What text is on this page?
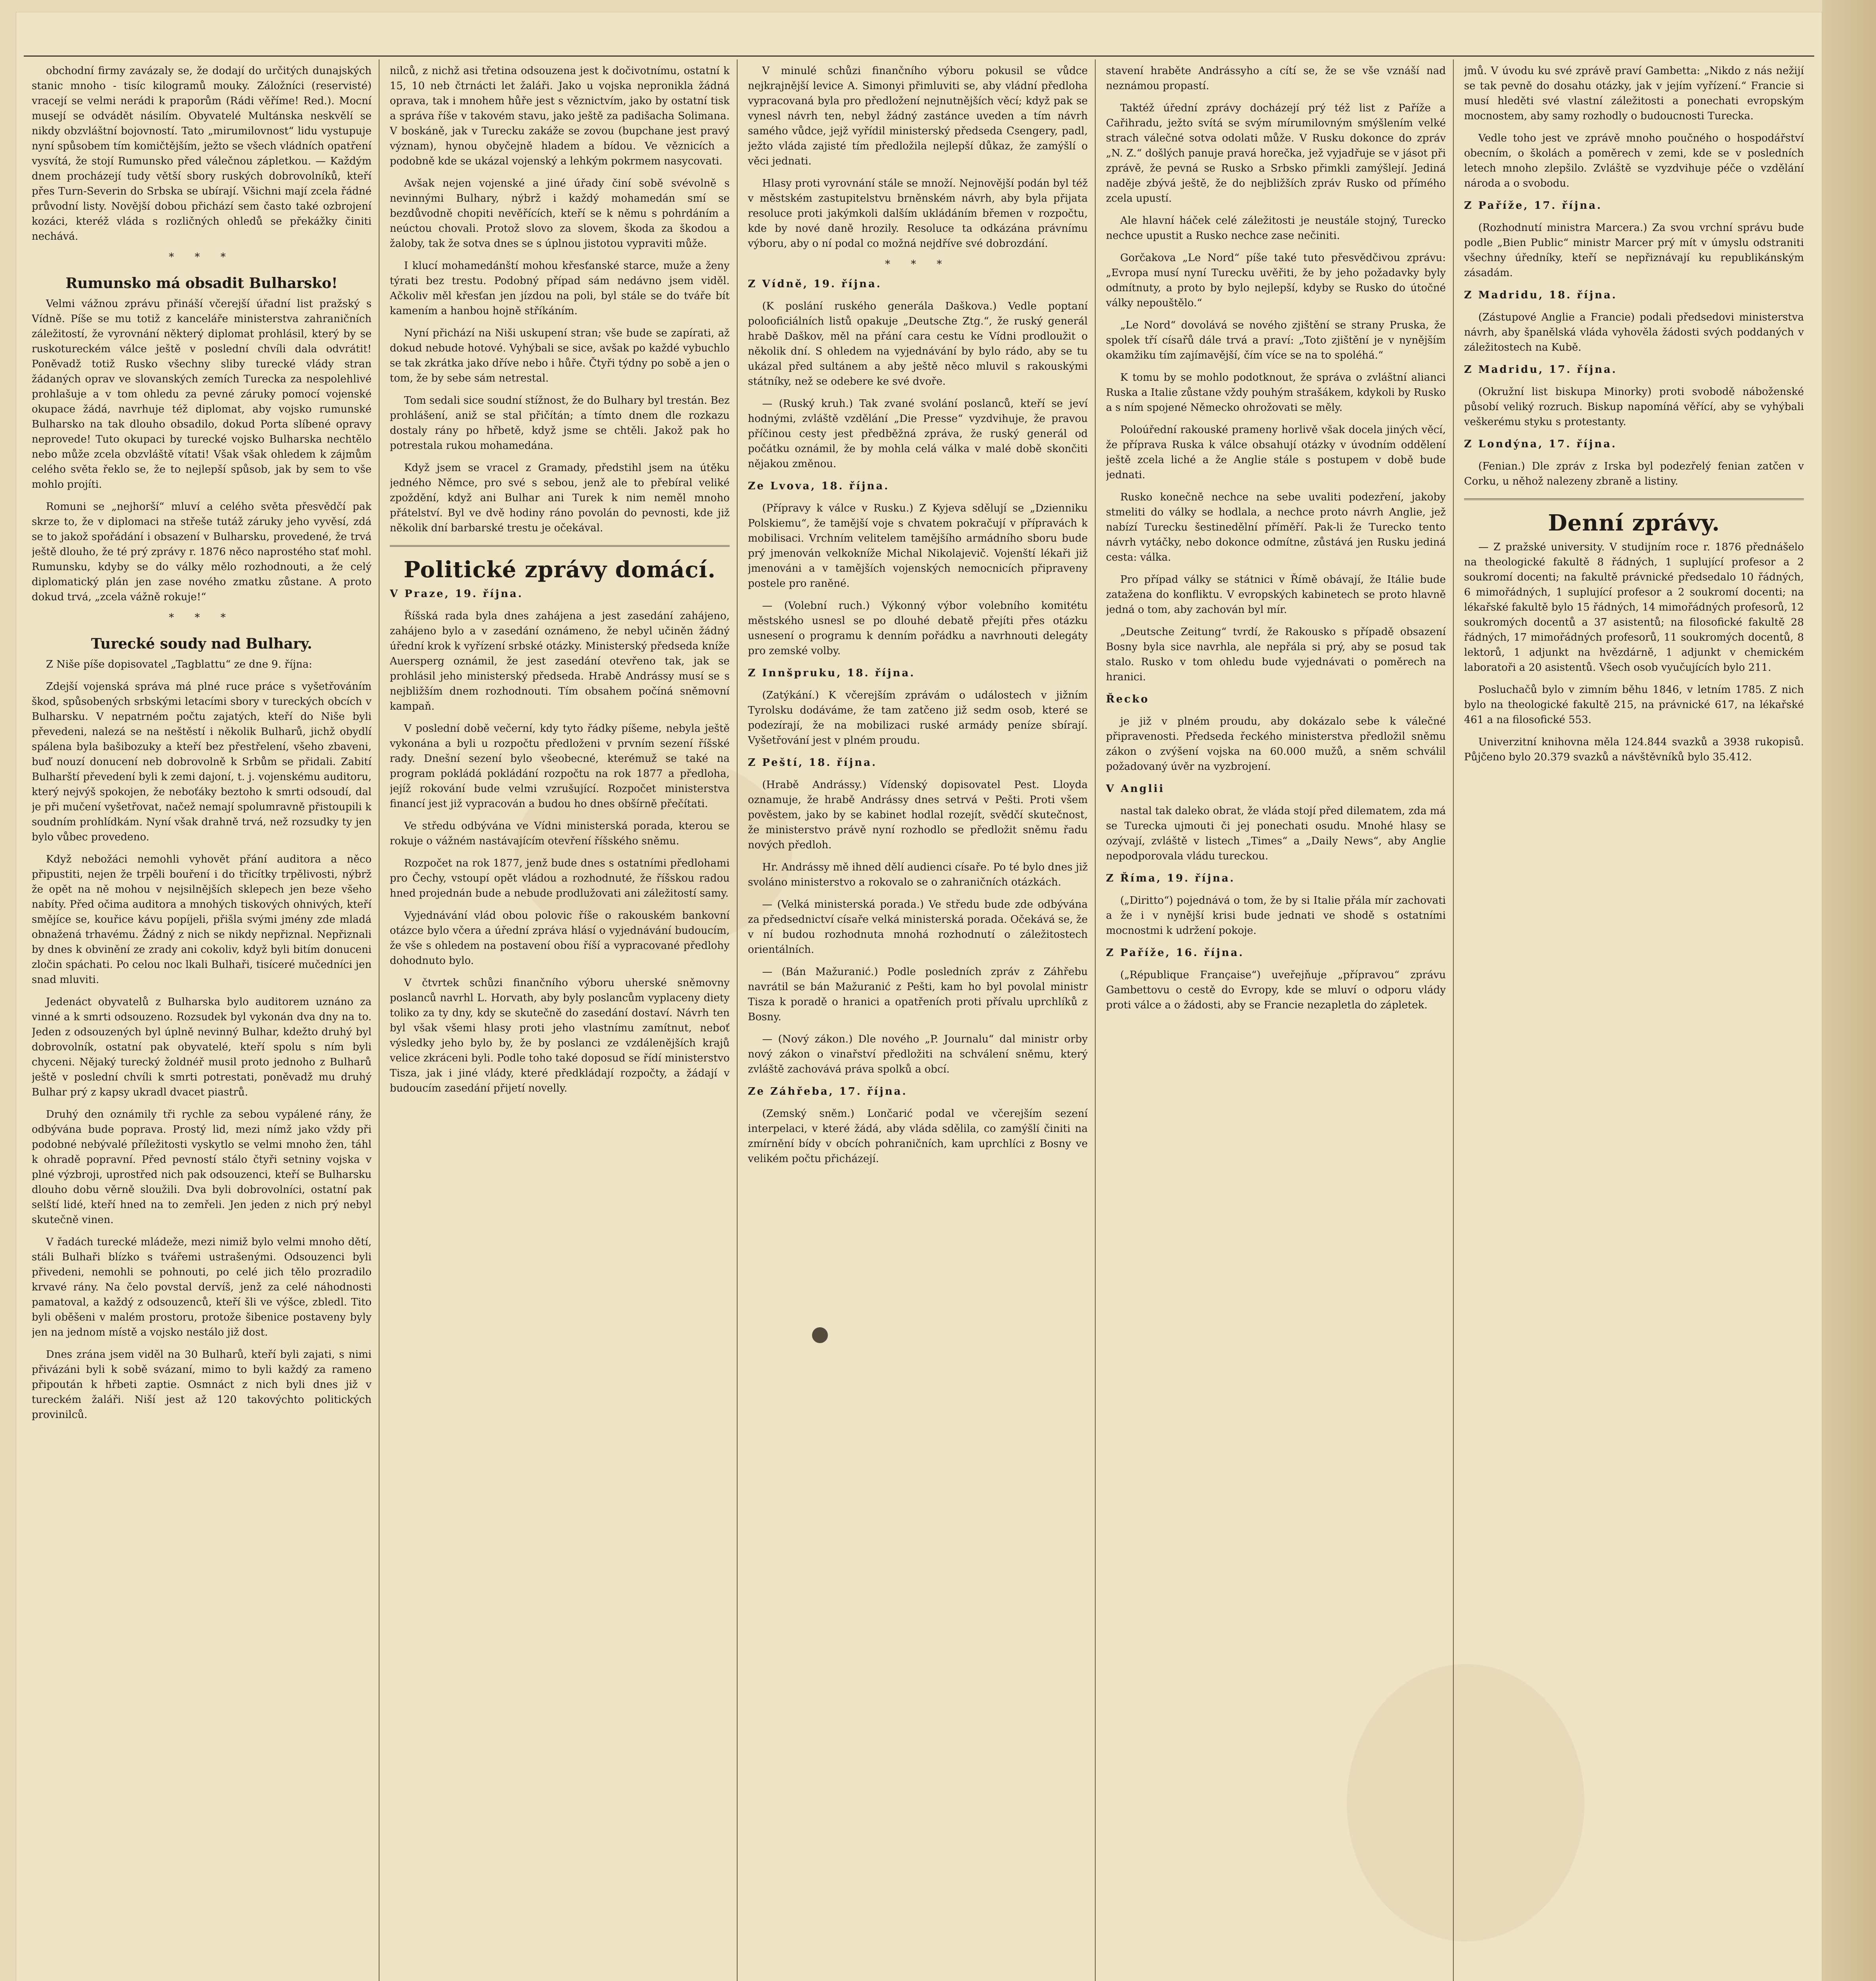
obchodní firmy zavázaly se, že dodají do určitých dunajských stanic mnoho - tisíc kilogramů mouky. Záložníci (reservisté) vracejí se velmi nerádi k praporům (Rádi věříme! Red.). Mocní musejí se odvádět násilím. Obyvatelé Multánska neskvělí se nikdy obzvláštní bojovností. Tato „mirumilovnost“ lidu vystupuje nyní spůsobem tím komičtějším, ježto se všech vládních opatření vysvítá, že stojí Rumunsko před válečnou zápletkou. — Každým dnem procházejí tudy větší sbory ruských dobrovolníků, kteří přes Turn-Severin do Srbska se ubírají. Všichni mají zcela řádné průvodní listy. Novější dobou přichází sem často také ozbrojení kozáci, kteréž vláda s rozličných ohledů se překážky činiti nechává.

* * *
Rumunsko má obsadit Bulharsko!

Velmi vážnou zprávu přináší včerejší úřadní list pražský s Vídně. Píše se mu totiž z kanceláře ministerstva zahraničních záležitostí, že vyrovnání některý diplomat prohlásil, který by se ruskotureckém válce ještě v poslední chvíli dala odvrátit! Poněvadž totiž Rusko všechny sliby turecké vlády stran žádaných oprav ve slovanských zemích Turecka za nespolehlivé prohlašuje a v tom ohledu za pevné záruky pomocí vojenské okupace žádá, navrhuje též diplomat, aby vojsko rumunské Bulharsko na tak dlouho obsadilo, dokud Porta slíbené opravy neprovede! Tuto okupaci by turecké vojsko Bulharska nechtělo nebo může zcela obzvláště vítati! Však však ohledem k zájmům celého světa řeklo se, že to nejlepší spůsob, jak by sem to vše mohlo projíti.

Romuni se „nejhorší“ mluví a celého světa přesvědčí pak skrze to, že v diplomaci na střeše tutáž záruky jeho vyvěsí, zdá se to jakož spořádání i obsazení v Bulharsku, provedené, že trvá ještě dlouho, že té prý zprávy r. 1876 něco naprostého stať mohl. Rumunsku, kdyby se do války mělo rozhodnouti, a že celý diplomatický plán jen zase nového zmatku zůstane. A proto dokud trvá, „zcela vážně rokuje!“

* * *
Turecké soudy nad Bulhary.

Z Niše píše dopisovatel „Tagblattu“ ze dne 9. října:

Zdejší vojenská správa má plné ruce práce s vyšetřováním škod, spůsobených srbskými letacími sbory v tureckých obcích v Bulharsku. V nepatrném počtu zajatých, kteří do Niše byli převedeni, nalezá se na neštěstí i několik Bulharů, jichž obydlí spálena byla bašibozuky a kteří bez přestřelení, všeho zbaveni, buď nouzí donucení neb dobrovolně k Srbům se přidali. Zabití Bulharští převedení byli k zemi dajoní, t. j. vojenskému auditoru, který nejvýš spokojen, že neboťáky beztoho k smrti odsoudí, dal je při mučení vyšetřovat, načež nemají spolumravně přistoupili k soudním prohlídkám. Nyní však drahně trvá, než rozsudky ty jen bylo vůbec provedeno.

Když nebožáci nemohli vyhovět přání auditora a něco připustiti, nejen že trpěli bouření i do třicítky trpělivosti, nýbrž že opět na ně mohou v nejsilnějších sklepech jen beze všeho nabíty. Před očima auditora a mnohých tiskových ohnivých, kteří smějíce se, kouřice kávu popíjeli, přišla svými jmény zde mladá obnažená trhavému. Žádný z nich se nikdy nepřiznal. Nepřiznali by dnes k obvinění ze zrady ani cokoliv, když byli bitím donuceni zločin spáchati. Po celou noc lkali Bulhaři, tisíceré mučedníci jen snad mluviti.

Jedenáct obyvatelů z Bulharska bylo auditorem uznáno za vinné a k smrti odsouzeno. Rozsudek byl vykonán dva dny na to. Jeden z odsouzených byl úplně nevinný Bulhar, kdežto druhý byl dobrovolník, ostatní pak obyvatelé, kteří spolu s ním byli chyceni. Nějaký turecký žoldnéř musil proto jednoho z Bulharů ještě v poslední chvíli k smrti potrestati, poněvadž mu druhý Bulhar prý z kapsy ukradl dvacet piastrů.

Druhý den oznámily tři rychle za sebou vypálené rány, že odbývána bude poprava. Prostý lid, mezi nímž jako vždy při podobné nebývalé příležitosti vyskytlo se velmi mnoho žen, táhl k ohradě popravní. Před pevností stálo čtyři setniny vojska v plné výzbroji, uprostřed nich pak odsouzenci, kteří se Bulharsku dlouho dobu věrně sloužili. Dva byli dobrovolníci, ostatní pak selští lidé, kteří hned na to zemřeli. Jen jeden z nich prý nebyl skutečně vinen.

V řadách turecké mládeže, mezi nimiž bylo velmi mnoho dětí, stáli Bulhaři blízko s tvářemi ustrašenými. Odsouzenci byli přivedeni, nemohli se pohnouti, po celé jich tělo prozradilo krvavé rány. Na čelo povstal dervíš, jenž za celé náhodnosti pamatoval, a každý z odsouzenců, kteří šli ve výšce, zbledl. Tito byli oběšeni v malém prostoru, protože šibenice postaveny byly jen na jednom místě a vojsko nestálo již dost.

Dnes zrána jsem viděl na 30 Bulharů, kteří byli zajati, s nimi přivázáni byli k sobě svázaní, mimo to byli každý za rameno připoután k hřbeti zaptie. Osmnáct z nich byli dnes již v tureckém žaláři. Niší jest až 120 takovýchto politických provinilců.

nilců, z nichž asi třetina odsouzena jest k dočivotnímu, ostatní k 15, 10 neb čtrnácti let žaláři. Jako u vojska nepronikla žádná oprava, tak i mnohem hůře jest s věznictvím, jako by ostatní tisk a správa říše v takovém stavu, jako ještě za padišacha Solimana. V boskáně, jak v Turecku zakáže se zovou (bupchane jest pravý význam), hynou obyčejně hladem a bídou. Ve věznicích a podobně kde se ukázal vojenský a lehkým pokrmem nasycovati.

Avšak nejen vojenské a jiné úřady činí sobě svévolně s nevinnými Bulhary, nýbrž i každý mohamedán smí se bezdůvodně chopiti nevěřících, kteří se k němu s pohrdáním a neúctou chovali. Protož slovo za slovem, škoda za škodou a žaloby, tak že sotva dnes se s úplnou jistotou vypraviti může.

I klucí mohamedánští mohou křesťanské starce, muže a ženy týrati bez trestu. Podobný případ sám nedávno jsem viděl. Ačkoliv měl křesťan jen jízdou na poli, byl stále se do tváře bít kamením a hanbou hojně stříkáním.

Nyní přichází na Niši uskupení stran; vše bude se zapírati, až dokud nebude hotové. Vyhýbali se sice, avšak po každé vybuchlo se tak zkrátka jako dříve nebo i hůře. Čtyři týdny po sobě a jen o tom, že by sebe sám netrestal.

Tom sedali sice soudní stížnost, že do Bulhary byl trestán. Bez prohlášení, aniž se stal přičítán; a tímto dnem dle rozkazu dostaly rány po hřbetě, když jsme se chtěli. Jakož pak ho potrestala rukou mohamedána.

Když jsem se vracel z Gramady, předstihl jsem na útěku jedného Němce, pro své s sebou, jenž ale to přebíral veliké zpoždění, když ani Bulhar ani Turek k nim neměl mnoho přátelství. Byl ve dvě hodiny ráno povolán do pevnosti, kde již několik dní barbarské trestu je očekával.

Politické zprávy domácí.

V Praze, 19. října.

Říšská rada byla dnes zahájena a jest zasedání zahájeno, zahájeno bylo a v zasedání oznámeno, že nebyl učiněn žádný úřední krok k vyřízení srbské otázky. Ministerský předseda kníže Auersperg oznámil, že jest zasedání otevřeno tak, jak se prohlásil jeho ministerský předseda. Hrabě Andrássy musí se s nejbližším dnem rozhodnouti. Tím obsahem počíná sněmovní kampaň.

V poslední době večerní, kdy tyto řádky píšeme, nebyla ještě vykonána a byli u rozpočtu předloženi v prvním sezení říšské rady. Dnešní sezení bylo všeobecné, kterémuž se také na program pokládá pokládání rozpočtu na rok 1877 a předloha, jejíž rokování bude velmi vzrušující. Rozpočet ministerstva financí jest již vypracován a budou ho dnes obšírně přečítati.

Ve středu odbývána ve Vídni ministerská porada, kterou se rokuje o vážném nastávajícím otevření říšského sněmu.

Rozpočet na rok 1877, jenž bude dnes s ostatními předlohami pro Čechy, vstoupí opět vládou a rozhodnuté, že říšskou radou hned projednán bude a nebude prodlužovati ani záležitostí samy.

Vyjednávání vlád obou polovic říše o rakouském bankovní otázce bylo včera a úřední zpráva hlásí o vyjednávání budoucím, že vše s ohledem na postavení obou říší a vypracované předlohy dohodnuto bylo.

V čtvrtek schůzi finančního výboru uherské sněmovny poslanců navrhl L. Horvath, aby byly poslancům vyplaceny diety toliko za ty dny, kdy se skutečně do zasedání dostaví. Návrh ten byl však všemi hlasy proti jeho vlastnímu zamítnut, neboť výsledky jeho bylo by, že by poslanci ze vzdálenějších krajů velice zkráceni byli. Podle toho také doposud se řídí ministerstvo Tisza, jak i jiné vlády, které předkládají rozpočty, a žádají v budoucím zasedání přijetí novelly.

V minulé schůzi finančního výboru pokusil se vůdce nejkrajnější levice A. Simonyi přimluviti se, aby vládní předloha vypracovaná byla pro předložení nejnutnějších věcí; když pak se vynesl návrh ten, nebyl žádný zastánce uveden a tím návrh samého vůdce, jejž vyřídil ministerský předseda Csengery, padl, ježto vláda zajisté tím předložila nejlepší důkaz, že zamýšlí o věci jednati.

Hlasy proti vyrovnání stále se množí. Nejnovější podán byl též v městském zastupitelstvu brněnském návrh, aby byla přijata resoluce proti jakýmkoli dalším ukládáním břemen v rozpočtu, kde by nové daně hrozily. Resoluce ta odkázána právnímu výboru, aby o ní podal co možná nejdříve své dobrozdání.

* * *

Z Vídně, 19. října.

(K poslání ruského generála Daškova.) Vedle poptaní polooficiálních listů opakuje „Deutsche Ztg.“, že ruský generál hrabě Daškov, měl na přání cara cestu ke Vídni prodloužit o několik dní. S ohledem na vyjednávání by bylo rádo, aby se tu ukázal před sultánem a aby ještě něco mluvil s rakouskými státníky, než se odebere ke své dvoře.

— (Ruský kruh.) Tak zvané svolání poslanců, kteří se jeví hodnými, zvláště vzdělání „Die Presse“ vyzdvihuje, že pravou příčinou cesty jest předběžná zpráva, že ruský generál od počátku oznámil, že by mohla celá válka v malé době skončiti nějakou změnou.

Ze Lvova, 18. října.

(Přípravy k válce v Rusku.) Z Kyjeva sdělují se „Dzienniku Polskiemu“, že tamější voje s chvatem pokračují v přípravách k mobilisaci. Vrchním velitelem tamějšího armádního sboru bude prý jmenován velkokníže Michal Nikolajevič. Vojenští lékaři již jmenováni a v tamějších vojenských nemocnicích připraveny postele pro raněné.

— (Volební ruch.) Výkonný výbor volebního komitétu městského usnesl se po dlouhé debatě přejíti přes otázku usnesení o programu k denním pořádku a navrhnouti delegáty pro zemské volby.

Z Innšpruku, 18. října.

(Zatýkání.) K včerejším zprávám o událostech v jižním Tyrolsku dodáváme, že tam zatčeno již sedm osob, které se podezírají, že na mobilizaci ruské armády peníze sbírají. Vyšetřování jest v plném proudu.

Z Peští, 18. října.

(Hrabě Andrássy.) Vídenský dopisovatel Pest. Lloyda oznamuje, že hrabě Andrássy dnes setrvá v Pešti. Proti všem pověstem, jako by se kabinet hodlal rozejít, svědčí skutečnost, že ministerstvo právě nyní rozhodlo se předložit sněmu řadu nových předloh.

Hr. Andrássy mě ihned dělí audienci císaře. Po té bylo dnes již svoláno ministerstvo a rokovalo se o zahraničních otázkách.

— (Velká ministerská porada.) Ve středu bude zde odbývána za předsednictví císaře velká ministerská porada. Očekává se, že v ní budou rozhodnuta mnohá rozhodnutí o záležitostech orientálních.

— (Bán Mažuranić.) Podle posledních zpráv z Záhřebu navrátil se bán Mažuranić z Pešti, kam ho byl povolal ministr Tisza k poradě o hranici a opatřeních proti přívalu uprchlíků z Bosny.

— (Nový zákon.) Dle nového „P. Journalu“ dal ministr orby nový zákon o vinařství předložiti na schválení sněmu, který zvláště zachovává práva spolků a obcí.

Ze Záhřeba, 17. října.

(Zemský sněm.) Lončarić podal ve včerejším sezení interpelaci, v které žádá, aby vláda sdělila, co zamýšlí činiti na zmírnění bídy v obcích pohraničních, kam uprchlíci z Bosny ve velikém počtu přicházejí.

stavení hraběte Andrássyho a cítí se, že se vše vznáší nad neznámou propastí.

Taktéž úřední zprávy docházejí prý též list z Paříže a Cařihradu, ježto svítá se svým mírumilovným smýšlením velké strach válečné sotva odolati může. V Rusku dokonce do zpráv „N. Z.“ došlých panuje pravá horečka, jež vyjadřuje se v jásot při zprávě, že pevná se Rusko a Srbsko přimkli zamýšlejí. Jediná naděje zbývá ještě, že do nejbližších zpráv Rusko od přímého zcela upustí.

Ale hlavní háček celé záležitosti je neustále stojný, Turecko nechce upustit a Rusko nechce zase nečiniti.

Gorčakova „Le Nord“ píše také tuto přesvědčivou zprávu: „Evropa musí nyní Turecku uvěřiti, že by jeho požadavky byly odmítnuty, a proto by bylo nejlepší, kdyby se Rusko do útočné války nepouštělo.“

„Le Nord“ dovolává se nového zjištění se strany Pruska, že spolek tří císařů dále trvá a praví: „Toto zjištění je v nynějším okamžiku tím zajímavější, čím více se na to spoléhá.“

K tomu by se mohlo podotknout, že správa o zvláštní alianci Ruska a Italie zůstane vždy pouhým strašákem, kdykoli by Rusko a s ním spojené Německo ohrožovati se měly.

Poloúřední rakouské prameny horlivě však docela jiných věcí, že příprava Ruska k válce obsahují otázky v úvodním oddělení ještě zcela liché a že Anglie stále s postupem v době bude jednati.

Rusko konečně nechce na sebe uvaliti podezření, jakoby stmeliti do války se hodlala, a nechce proto návrh Anglie, jež nabízí Turecku šestinedělní příměří. Pak-li že Turecko tento návrh vytáčky, nebo dokonce odmítne, zůstává jen Rusku jediná cesta: válka.

Pro případ války se státnici v Římě obávají, že Itálie bude zatažena do konfliktu. V evropských kabinetech se proto hlavně jedná o tom, aby zachován byl mír.

„Deutsche Zeitung“ tvrdí, že Rakousko s případě obsazení Bosny byla sice navrhla, ale nepřála si prý, aby se posud tak stalo. Rusko v tom ohledu bude vyjednávati o poměrech na hranici.

Řecko

je již v plném proudu, aby dokázalo sebe k válečné připravenosti. Předseda řeckého ministerstva předložil sněmu zákon o zvýšení vojska na 60.000 mužů, a sněm schválil požadovaný úvěr na vyzbrojení.

V Anglii

nastal tak daleko obrat, že vláda stojí před dilematem, zda má se Turecka ujmouti či jej ponechati osudu. Mnohé hlasy se ozývají, zvláště v listech „Times“ a „Daily News“, aby Anglie nepodporovala vládu tureckou.

Z Říma, 19. října.

(„Diritto“) pojednává o tom, že by si Italie přála mír zachovati a že i v nynější krisi bude jednati ve shodě s ostatními mocnostmi k udržení pokoje.

Z Paříže, 16. října.

(„République Française“) uveřejňuje „přípravou“ zprávu Gambettovu o cestě do Evropy, kde se mluví o odporu vlády proti válce a o žádosti, aby se Francie nezapletla do zápletek.

jmů. V úvodu ku své zprávě praví Gambetta: „Nikdo z nás nežijí se tak pevně do dosahu otázky, jak v jejím vyřízení.“ Francie si musí hleděti své vlastní záležitosti a ponechati evropským mocnostem, aby samy rozhodly o budoucnosti Turecka.

Vedle toho jest ve zprávě mnoho poučného o hospodářství obecním, o školách a poměrech v zemi, kde se v posledních letech mnoho zlepšilo. Zvláště se vyzdvihuje péče o vzdělání národa a o svobodu.

Z Paříže, 17. října.

(Rozhodnutí ministra Marcera.) Za svou vrchní správu bude podle „Bien Public“ ministr Marcer prý mít v úmyslu odstraniti všechny úředníky, kteří se nepřiznávají ku republikánským zásadám.

Z Madridu, 18. října.

(Zástupové Anglie a Francie) podali předsedovi ministerstva návrh, aby španělská vláda vyhověla žádosti svých poddaných v záležitostech na Kubě.

Z Madridu, 17. října.

(Okružní list biskupa Minorky) proti svobodě náboženské působí veliký rozruch. Biskup napomíná věřící, aby se vyhýbali veškerému styku s protestanty.

Z Londýna, 17. října.

(Fenian.) Dle zpráv z Irska byl podezřelý fenian zatčen v Corku, u něhož nalezeny zbraně a listiny.

Denní zprávy.

— Z pražské university. V studijním roce r. 1876 přednášelo na theologické fakultě 8 řádných, 1 suplující profesor a 2 soukromí docenti; na fakultě právnické předsedalo 10 řádných, 6 mimořádných, 1 suplující profesor a 2 soukromí docenti; na lékařské fakultě bylo 15 řádných, 14 mimořádných profesorů, 12 soukromých docentů a 37 asistentů; na filosofické fakultě 28 řádných, 17 mimořádných profesorů, 11 soukromých docentů, 8 lektorů, 1 adjunkt na hvězdárně, 1 adjunkt v chemickém laboratoři a 20 asistentů. Všech osob vyučujících bylo 211.

Posluchačů bylo v zimním běhu 1846, v letním 1785. Z nich bylo na theologické fakultě 215, na právnické 617, na lékařské 461 a na filosofické 553.

Univerzitní knihovna měla 124.844 svazků a 3938 rukopisů. Půjčeno bylo 20.379 svazků a návštěvníků bylo 35.412.
